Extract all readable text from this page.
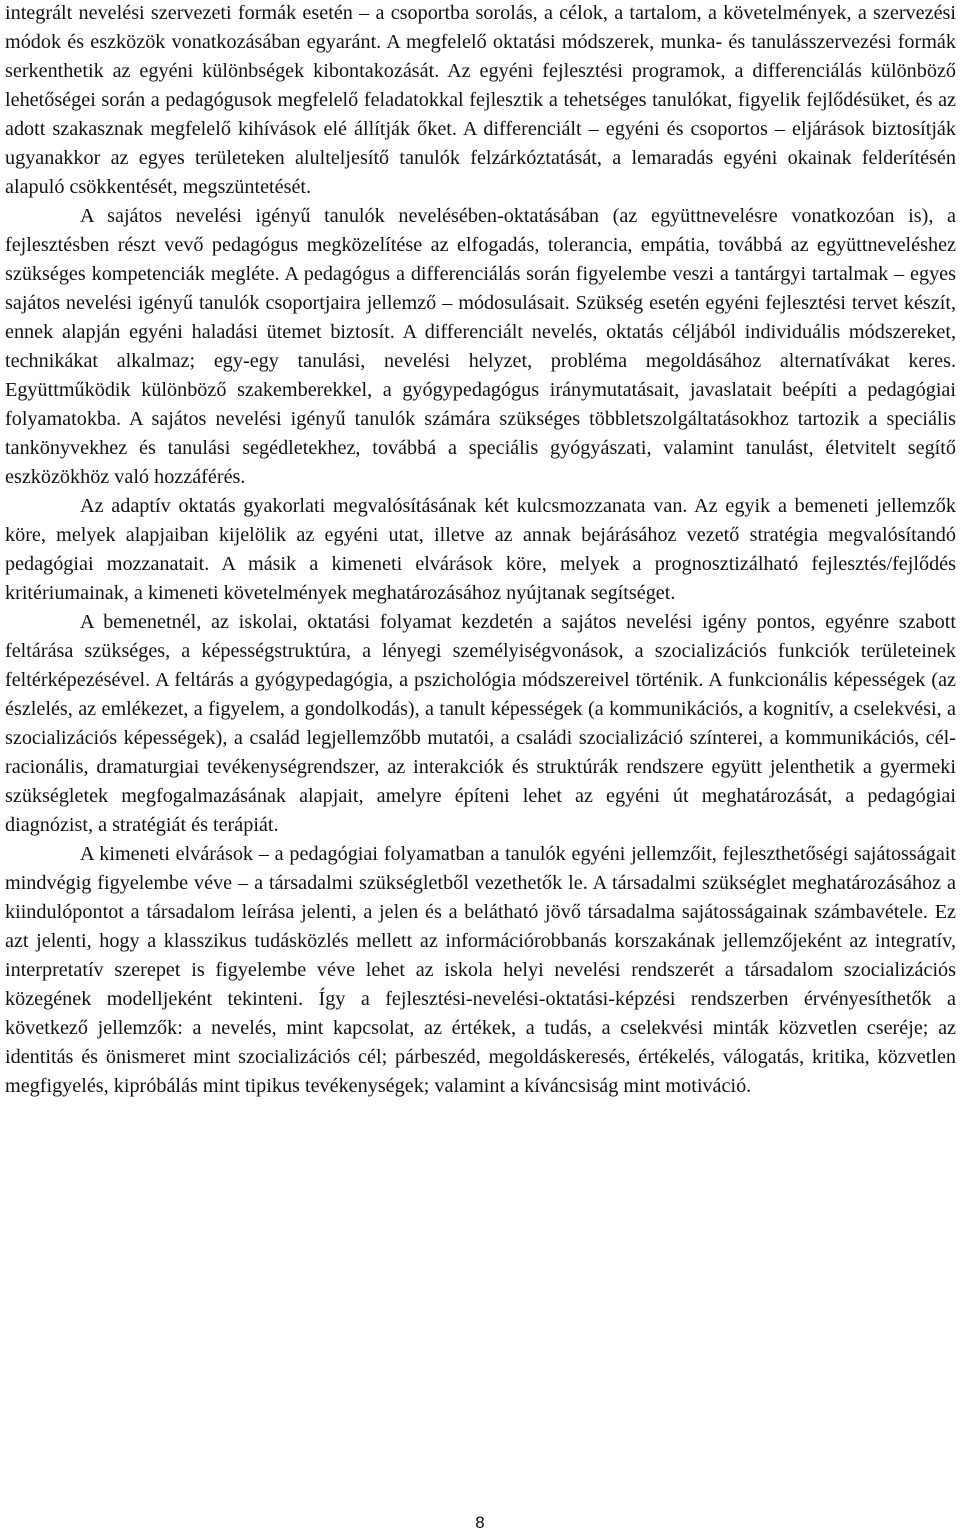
integrált nevelési szervezeti formák esetén – a csoportba sorolás, a célok, a tartalom, a követelmények, a szervezési módok és eszközök vonatkozásában egyaránt. A megfelelő oktatási módszerek, munka- és tanulásszervezési formák serkenthetik az egyéni különbségek kibontakozását. Az egyéni fejlesztési programok, a differenciálás különböző lehetőségei során a pedagógusok megfelelő feladatokkal fejlesztik a tehetséges tanulókat, figyelik fejlődésüket, és az adott szakasznak megfelelő kihívások elé állítják őket. A differenciált – egyéni és csoportos – eljárások biztosítják ugyanakkor az egyes területeken alulteljesítő tanulók felzárkóztatását, a lemaradás egyéni okainak felderítésén alapuló csökkentését, megszüntetését.

A sajátos nevelési igényű tanulók nevelésében-oktatásában (az együttnevelésre vonatkozóan is), a fejlesztésben részt vevő pedagógus megközelítése az elfogadás, tolerancia, empátia, továbbá az együttneveléshez szükséges kompetenciák megléte. A pedagógus a differenciálás során figyelembe veszi a tantárgyi tartalmak – egyes sajátos nevelési igényű tanulók csoportjaira jellemző – módosulásait. Szükség esetén egyéni fejlesztési tervet készít, ennek alapján egyéni haladási ütemet biztosít. A differenciált nevelés, oktatás céljából individuális módszereket, technikákat alkalmaz; egy-egy tanulási, nevelési helyzet, probléma megoldásához alternatívákat keres. Együttműködik különböző szakemberekkel, a gyógypedagógus iránymutatásait, javaslatait beépíti a pedagógiai folyamatokba. A sajátos nevelési igényű tanulók számára szükséges többletszolgáltatásokhoz tartozik a speciális tankönyvekhez és tanulási segédletekhez, továbbá a speciális gyógyászati, valamint tanulást, életvitelt segítő eszközökhöz való hozzáférés.

Az adaptív oktatás gyakorlati megvalósításának két kulcsmozzanata van. Az egyik a bemeneti jellemzők köre, melyek alapjaiban kijelölik az egyéni utat, illetve az annak bejárásához vezető stratégia megvalósítandó pedagógiai mozzanatait. A másik a kimeneti elvárások köre, melyek a prognosztizálható fejlesztés/fejlődés kritériumainak, a kimeneti követelmények meghatározásához nyújtanak segítséget.

A bemenetnél, az iskolai, oktatási folyamat kezdetén a sajátos nevelési igény pontos, egyénre szabott feltárása szükséges, a képességstruktúra, a lényegi személyiségvonások, a szocializációs funkciók területeinek feltérképezésével. A feltárás a gyógypedagógia, a pszichológia módszereivel történik. A funkcionális képességek (az észlelés, az emlékezet, a figyelem, a gondolkodás), a tanult képességek (a kommunikációs, a kognitív, a cselekvési, a szocializációs képességek), a család legjellemzőbb mutatói, a családi szocializáció színterei, a kommunikációs, cél-racionális, dramaturgiai tevékenységrendszer, az interakciók és struktúrák rendszere együtt jelenthetik a gyermeki szükségletek megfogalmazásának alapjait, amelyre építeni lehet az egyéni út meghatározását, a pedagógiai diagnózist, a stratégiát és terápiát.

A kimeneti elvárások – a pedagógiai folyamatban a tanulók egyéni jellemzőit, fejleszthetőségi sajátosságait mindvégig figyelembe véve – a társadalmi szükségletből vezethetők le. A társadalmi szükséglet meghatározásához a kiindulópontot a társadalom leírása jelenti, a jelen és a belátható jövő társadalma sajátosságainak számbavétele. Ez azt jelenti, hogy a klasszikus tudásközlés mellett az információrobbanás korszakának jellemzőjeként az integratív, interpretatív szerepet is figyelembe véve lehet az iskola helyi nevelési rendszerét a társadalom szocializációs közegének modelljeként tekinteni. Így a fejlesztési-nevelési-oktatási-képzési rendszerben érvényesíthetők a következő jellemzők: a nevelés, mint kapcsolat, az értékek, a tudás, a cselekvési minták közvetlen cseréje; az identitás és önismeret mint szocializációs cél; párbeszéd, megoldáskeresés, értékelés, válogatás, kritika, közvetlen megfigyelés, kipróbálás mint tipikus tevékenységek; valamint a kíváncsiság mint motiváció.

8
